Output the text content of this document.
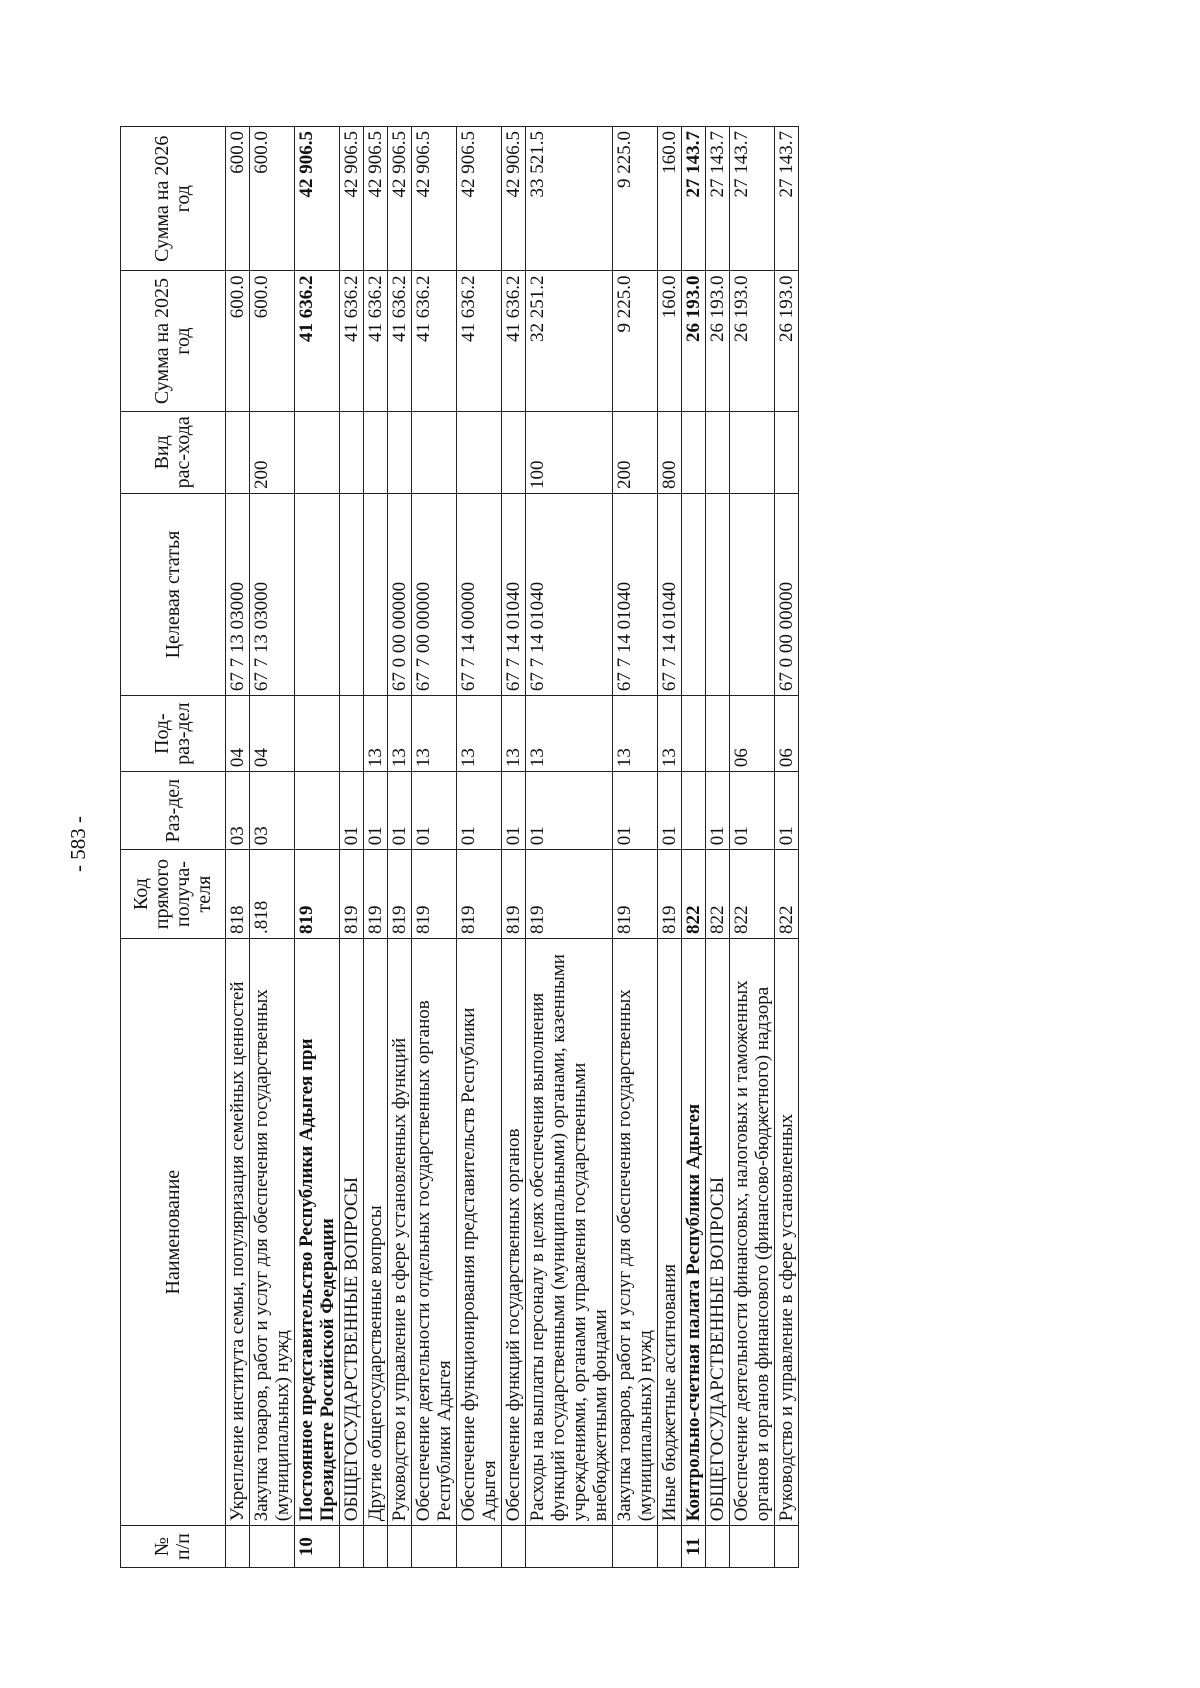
- 583 -
№ п/п	Наименование	Код прямого получа-теля	Раз-дел	Под-раз-дел	Целевая статья	Вид рас-хода	Сумма на 2025 год	Сумма на 2026 год
	Укрепление института семьи, популяризация семейных ценностей	818	03	04	67 7 13 03000		600.0	600.0
	Закупка товаров, работ и услуг для обеспечения государственных (муниципальных) нужд	.818	03	04	67 7 13 03000	200	600.0	600.0
10	Постоянное представительство Республики Адыгея при Президенте Российской Федерации	819					41 636.2	42 906.5
	ОБЩЕГОСУДАРСТВЕННЫЕ ВОПРОСЫ	819	01				41 636.2	42 906.5
	Другие общегосударственные вопросы	819	01	13			41 636.2	42 906.5
	Руководство и управление в сфере установленных функций	819	01	13	67 0 00 00000		41 636.2	42 906.5
	Обеспечение деятельности отдельных государственных органов Республики Адыгея	819	01	13	67 7 00 00000		41 636.2	42 906.5
	Обеспечение функционирования представительств Республики Адыгея	819	01	13	67 7 14 00000		41 636.2	42 906.5
	Обеспечение функций государственных органов	819	01	13	67 7 14 01040		41 636.2	42 906.5
	Расходы на выплаты персоналу в целях обеспечения выполнения функций государственными (муниципальными) органами, казенными учреждениями, органами управления государственными внебюджетными фондами	819	01	13	67 7 14 01040	100	32 251.2	33 521.5
	Закупка товаров, работ и услуг для обеспечения государственных (муниципальных) нужд	819	01	13	67 7 14 01040	200	9 225.0	9 225.0
	Иные бюджетные ассигнования	819	01	13	67 7 14 01040	800	160.0	160.0
11	Контрольно-счетная палата Республики Адыгея	822					26 193.0	27 143.7
	ОБЩЕГОСУДАРСТВЕННЫЕ ВОПРОСЫ	822	01				26 193.0	27 143.7
	Обеспечение деятельности финансовых, налоговых и таможенных органов и органов финансового (финансово-бюджетного) надзора	822	01	06			26 193.0	27 143.7
	Руководство и управление в сфере установленных	822	01	06	67 0 00 00000		26 193.0	27 143.7
